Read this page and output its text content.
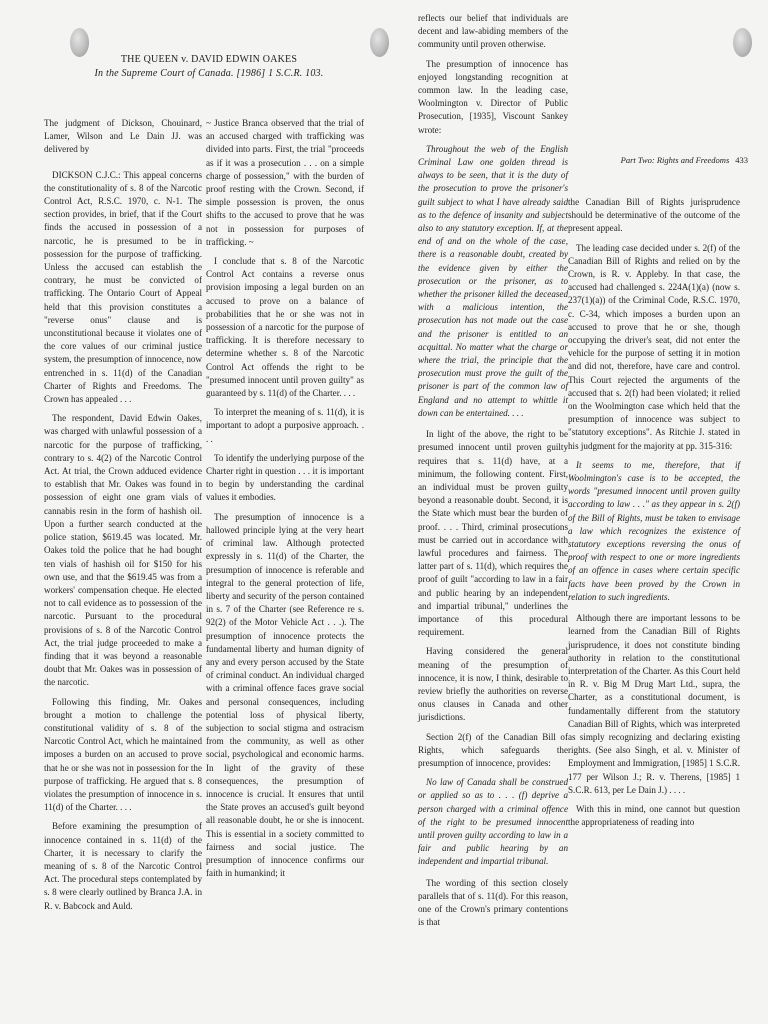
THE QUEEN v. DAVID EDWIN OAKES
In the Supreme Court of Canada. [1986] 1 S.C.R. 103.

The judgment of Dickson, Chouinard, Lamer, Wilson and Le Dain JJ. was delivered by

DICKSON C.J.C.: This appeal concerns the constitutionality of s. 8 of the Narcotic Control Act, R.S.C. 1970, c. N-1. The section provides, in brief, that if the Court finds the accused in possession of a narcotic, he is presumed to be in possession for the purpose of trafficking. Unless the accused can establish the contrary, he must be convicted of trafficking. The Ontario Court of Appeal held that this provision constitutes a "reverse onus" clause and is unconstitutional because it violates one of the core values of our criminal justice system, the presumption of innocence, now entrenched in s. 11(d) of the Canadian Charter of Rights and Freedoms. The Crown has appealed . . .

The respondent, David Edwin Oakes, was charged with unlawful possession of a narcotic for the purpose of trafficking, contrary to s. 4(2) of the Narcotic Control Act. At trial, the Crown adduced evidence to establish that Mr. Oakes was found in possession of eight one gram vials of cannabis resin in the form of hashish oil. Upon a further search conducted at the police station, $619.45 was located. Mr. Oakes told the police that he had bought ten vials of hashish oil for $150 for his own use, and that the $619.45 was from a workers' compensation cheque. He elected not to call evidence as to possession of the narcotic. Pursuant to the procedural provisions of s. 8 of the Narcotic Control Act, the trial judge proceeded to make a finding that it was beyond a reasonable doubt that Mr. Oakes was in possession of the narcotic.

Following this finding, Mr. Oakes brought a motion to challenge the constitutional validity of s. 8 of the Narcotic Control Act, which he maintained imposes a burden on an accused to prove that he or she was not in possession for the purpose of trafficking. He argued that s. 8 violates the presumption of innocence in s. 11(d) of the Charter. . . .

Before examining the presumption of innocence contained in s. 11(d) of the Charter, it is necessary to clarify the meaning of s. 8 of the Narcotic Control Act. The procedural steps contemplated by s. 8 were clearly outlined by Branca J.A. in R. v. Babcock and Auld.

~ Justice Branca observed that the trial of an accused charged with trafficking was divided into parts. First, the trial "proceeds as if it was a prosecution . . . on a simple charge of possession," with the burden of proof resting with the Crown. Second, if simple possession is proven, the onus shifts to the accused to prove that he was not in possession for purposes of trafficking. ~

I conclude that s. 8 of the Narcotic Control Act contains a reverse onus provision imposing a legal burden on an accused to prove on a balance of probabilities that he or she was not in possession of a narcotic for the purpose of trafficking. It is therefore necessary to determine whether s. 8 of the Narcotic Control Act offends the right to be "presumed innocent until proven guilty" as guaranteed by s. 11(d) of the Charter. . . .

To interpret the meaning of s. 11(d), it is important to adopt a purposive approach. . . .

To identify the underlying purpose of the Charter right in question . . . it is important to begin by understanding the cardinal values it embodies.

The presumption of innocence is a hallowed principle lying at the very heart of criminal law. Although protected expressly in s. 11(d) of the Charter, the presumption of innocence is referable and integral to the general protection of life, liberty and security of the person contained in s. 7 of the Charter (see Reference re s. 92(2) of the Motor Vehicle Act . . .). The presumption of innocence protects the fundamental liberty and human dignity of any and every person accused by the State of criminal conduct. An individual charged with a criminal offence faces grave social and personal consequences, including potential loss of physical liberty, subjection to social stigma and ostracism from the community, as well as other social, psychological and economic harms. In light of the gravity of these consequences, the presumption of innocence is crucial. It ensures that until the State proves an accused's guilt beyond all reasonable doubt, he or she is innocent. This is essential in a society committed to fairness and social justice. The presumption of innocence confirms our faith in humankind; it

reflects our belief that individuals are decent and law-abiding members of the community until proven otherwise.

The presumption of innocence has enjoyed longstanding recognition at common law. In the leading case, Woolmington v. Director of Public Prosecution, [1935], Viscount Sankey wrote:

Throughout the web of the English Criminal Law one golden thread is always to be seen, that it is the duty of the prosecution to prove the prisoner's guilt subject to what I have already said as to the defence of insanity and subject also to any statutory exception. If, at the end of and on the whole of the case, there is a reasonable doubt, created by the evidence given by either the prosecution or the prisoner, as to whether the prisoner killed the deceased with a malicious intention, the prosecution has not made out the case and the prisoner is entitled to an acquittal. No matter what the charge or where the trial, the principle that the prosecution must prove the guilt of the prisoner is part of the common law of England and no attempt to whittle it down can be entertained. . . .

In light of the above, the right to be presumed innocent until proven guilty requires that s. 11(d) have, at a minimum, the following content. First, an individual must be proven guilty beyond a reasonable doubt. Second, it is the State which must bear the burden of proof. . . . Third, criminal prosecutions must be carried out in accordance with lawful procedures and fairness. The latter part of s. 11(d), which requires the proof of guilt "according to law in a fair and public hearing by an independent and impartial tribunal," underlines the importance of this procedural requirement.

Having considered the general meaning of the presumption of innocence, it is now, I think, desirable to review briefly the authorities on reverse onus clauses in Canada and other jurisdictions.

Section 2(f) of the Canadian Bill of Rights, which safeguards the presumption of innocence, provides:

No law of Canada shall be construed or applied so as to . . . (f) deprive a person charged with a criminal offence of the right to be presumed innocent until proven guilty according to law in a fair and public hearing by an independent and impartial tribunal.

The wording of this section closely parallels that of s. 11(d). For this reason, one of the Crown's primary contentions is that

Part Two: Rights and Freedoms 433

the Canadian Bill of Rights jurisprudence should be determinative of the outcome of the present appeal.

The leading case decided under s. 2(f) of the Canadian Bill of Rights and relied on by the Crown, is R. v. Appleby. In that case, the accused had challenged s. 224A(1)(a) (now s. 237(1)(a)) of the Criminal Code, R.S.C. 1970, c. C-34, which imposes a burden upon an accused to prove that he or she, though occupying the driver's seat, did not enter the vehicle for the purpose of setting it in motion and did not, therefore, have care and control. This Court rejected the arguments of the accused that s. 2(f) had been violated; it relied on the Woolmington case which held that the presumption of innocence was subject to "statutory exceptions". As Ritchie J. stated in his judgment for the majority at pp. 315-316:

It seems to me, therefore, that if Woolmington's case is to be accepted, the words "presumed innocent until proven guilty according to law . . ." as they appear in s. 2(f) of the Bill of Rights, must be taken to envisage a law which recognizes the existence of statutory exceptions reversing the onus of proof with respect to one or more ingredients of an offence in cases where certain specific facts have been proved by the Crown in relation to such ingredients.

Although there are important lessons to be learned from the Canadian Bill of Rights jurisprudence, it does not constitute binding authority in relation to the constitutional interpretation of the Charter. As this Court held in R. v. Big M Drug Mart Ltd., supra, the Charter, as a constitutional document, is fundamentally different from the statutory Canadian Bill of Rights, which was interpreted as simply recognizing and declaring existing rights. (See also Singh, et al. v. Minister of Employment and Immigration, [1985] 1 S.C.R. 177 per Wilson J.; R. v. Therens, [1985] 1 S.C.R. 613, per Le Dain J.) . . . .

With this in mind, one cannot but question the appropriateness of reading into
